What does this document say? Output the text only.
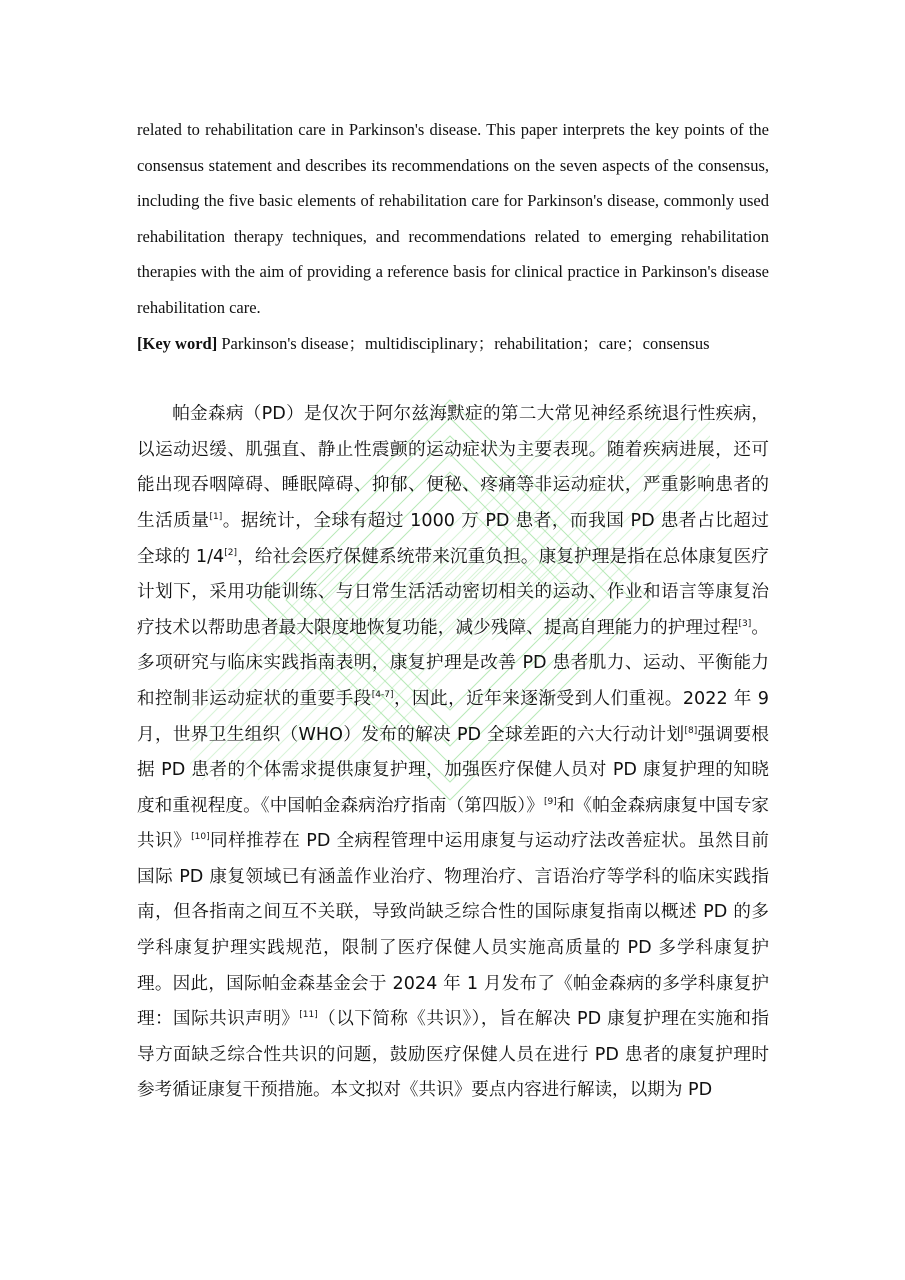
related to rehabilitation care in Parkinson's disease. This paper interprets the key points of the consensus statement and describes its recommendations on the seven aspects of the consensus, including the five basic elements of rehabilitation care for Parkinson's disease, commonly used rehabilitation therapy techniques, and recommendations related to emerging rehabilitation therapies with the aim of providing a reference basis for clinical practice in Parkinson's disease rehabilitation care.

[Key word] Parkinson's disease；multidisciplinary；rehabilitation；care；consensus

帕金森病（PD）是仅次于阿尔兹海默症的第二大常见神经系统退行性疾病，以运动迟缓、肌强直、静止性震颤的运动症状为主要表现。随着疾病进展，还可能出现吞咽障碍、睡眠障碍、抑郁、便秘、疼痛等非运动症状，严重影响患者的生活质量[1]。据统计，全球有超过 1000 万 PD 患者，而我国 PD 患者占比超过全球的 1/4[2]，给社会医疗保健系统带来沉重负担。康复护理是指在总体康复医疗计划下，采用功能训练、与日常生活活动密切相关的运动、作业和语言等康复治疗技术以帮助患者最大限度地恢复功能，减少残障、提高自理能力的护理过程[3]。多项研究与临床实践指南表明，康复护理是改善 PD 患者肌力、运动、平衡能力和控制非运动症状的重要手段[4-7]，因此，近年来逐渐受到人们重视。2022 年 9 月，世界卫生组织（WHO）发布的解决 PD 全球差距的六大行动计划[8]强调要根据 PD 患者的个体需求提供康复护理，加强医疗保健人员对 PD 康复护理的知晓度和重视程度。《中国帕金森病治疗指南（第四版）》[9]和《帕金森病康复中国专家共识》[10]同样推荐在 PD 全病程管理中运用康复与运动疗法改善症状。虽然目前国际 PD 康复领域已有涵盖作业治疗、物理治疗、言语治疗等学科的临床实践指南，但各指南之间互不关联，导致尚缺乏综合性的国际康复指南以概述 PD 的多学科康复护理实践规范，限制了医疗保健人员实施高质量的 PD 多学科康复护理。因此，国际帕金森基金会于 2024 年 1 月发布了《帕金森病的多学科康复护理：国际共识声明》[11]（以下简称《共识》），旨在解决 PD 康复护理在实施和指导方面缺乏综合性共识的问题，鼓励医疗保健人员在进行 PD 患者的康复护理时参考循证康复干预措施。本文拟对《共识》要点内容进行解读，以期为 PD
